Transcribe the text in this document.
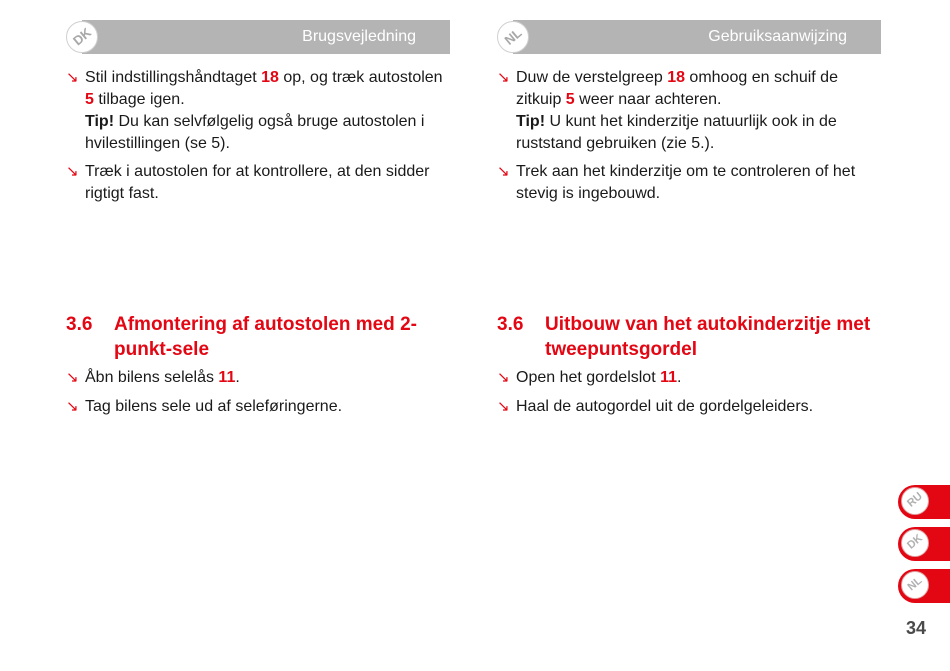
Brugsvejledning
DK
↘ Stil indstillingshåndtaget 18 op, og træk autostolen 5 tilbage igen.
Tip! Du kan selvfølgelig også bruge autostolen i hvilestillingen (se 5).
↘ Træk i autostolen for at kontrollere, at den sidder rigtigt fast.
3.6	Afmontering af autostolen med 2-punkt-sele
↘ Åbn bilens selelås 11.
↘ Tag bilens sele ud af seleføringerne.
Gebruiksaanwijzing
NL
↘ Duw de verstelgreep 18 omhoog en schuif de zitkuip 5 weer naar achteren.
Tip! U kunt het kinderzitje natuurlijk ook in de ruststand gebruiken (zie 5.).
↘ Trek aan het kinderzitje om te controleren of het stevig is ingebouwd.
3.6	Uitbouw van het autokinderzitje met tweepuntsgordel
↘ Open het gordelslot 11.
↘ Haal de autogordel uit de gordelgeleiders.
RU
DK
NL
34
